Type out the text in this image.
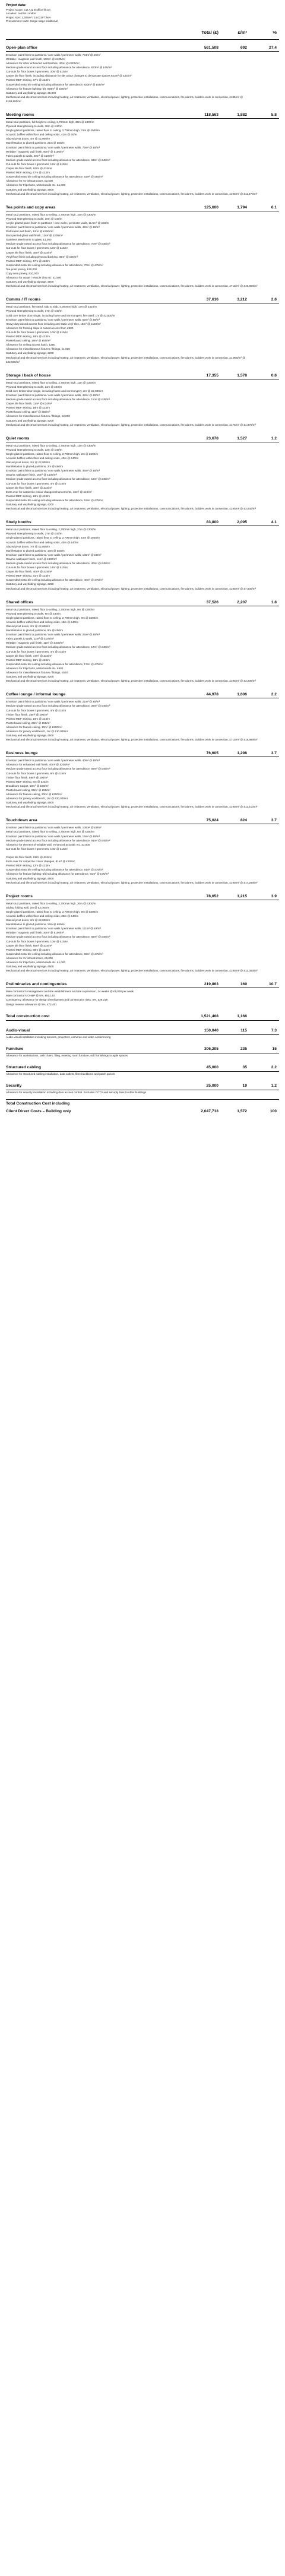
Project data:
Project scope: Cat A & B office fit out
Location: central London
Project size: 1,305m² / 14,023FT/NIA
Procurement route: Single stage traditional
Total (£)	£/m²	%
Open-plan office	561,508	692	27.4
Emulsion paint finish to partitions / core walls / perimeter walls, 704m²@ £9/m²
Writable / magnetic wall finish, 100m² @ £100/m²
Allowance for other enhanced wall finishes, 40m² @ £200/m²
Medium-grade sound access floor including allowance for attendance, 823m² @ £45/m²
Cut-outs for floor boxes / grommets, 30nr @ £15/nr
Carpet tile floor finish, including allowance for tile colour changes to demarcate spaces 823m² @ £24/m²
Painted MDF skirting, 37m @ £23/m
Suspended metal tile ceiling including allowance for attendance, 823m² @ £55/m²
Allowance for feature lighting raft, 658m² @ £50/m²
Statutory and wayfinding signage, £5,000
Mechanical and electrical services including heating, air treatment, ventilation, electrical power, lighting, protective installations, communications, fire alarms, builders work in connection, £185/m² @ £158,600/m²
Meeting rooms	118,563	1,882	5.8
Metal stud partitions, full height to ceiling, 2,700mm high, 38m @ £300/m
Plywood strengthening to walls, 38m @ £40/m
Single glazed partitions, raised floor to ceiling, 2,700mm high, 21m @ £500/m
Acoustic baffles within floor and ceiling voids, 41m @ 40/m
Glazed pivot doors, 4nr @ £2,000/nr
Manifestation to glazed partitions, 21m @ £50/m
Emulsion paint finish to partitions / core walls / perimeter walls, 76m² @ £9/m²
Writable / magnetic wall finish, 60m² @ £100/m²
Fabric panels to walls, 40m² @ £100/m²
Medium-grade raised access floor including allowance for attendance, 63m² @ £45/m²
Cut-outs for floor boxes / grommets, 12nr @ £15/nr
Carpet tile floor finish, 63m² @ £24/m²
Painted MDF skirting, 47m @ £23/m
Suspended metal tile ceiling including allowance for attendance, 63m² @ £55/m²
Allowance for AV infrastructure, £2,500
Allowance for Flipcharts, whiteboards etc. £1,000
Statutory and wayfinding signage, £500
Mechanical and electrical services including heating, air treatment, ventilation, electrical power, lighting, protective installations, communications, fire alarms, builders work in connection, £190/m² @ £11,970/m²
Tea points and copy areas	125,600	1,794	6.1
Metal stud partitions, raised floor to ceiling, 2,700mm high, 10m @ £300/m
Plywood strengthening to walls, 10m @ £40/m
Acrylic glazed panel finish to partitions / core walls / perimeter walls, 11.5m² @ £50/m
Emulsion paint finish to partitions / core walls / perimeter walls, 42m² @ £9/m²
Perforated wall finish, 12m² @ £250/m²
Backpainted glass wall finish, 12m² @ £300/m²
Stainless steel mirror to glass, £1,000
Medium-grade raised access floor including allowance for attendance, 70m² @ £45/m²
Cut-outs for floor boxes / grommets, 12nr @ £15/nr
Carpet tile floor finish, 35m² @ £24/m²
Vinyl floor finish including plywood backing, 35m² @ £60/m²
Painted MDF skirting, 47m @ £23/m
Suspended metal tile ceiling including allowance for attendance, 70m² @ £75/m²
Tea point joinery, £40,000
Copy area joinery, £10,000
Allowance for waste / recycle bins etc. £1,500
Statutory and wayfinding signage, £500
Mechanical and electrical services including heating, air treatment, ventilation, electrical power, lighting, protective installations, communications, fire alarms, builders work in connection, £710/m² @ £49,950/m²
Comms / IT rooms	37,616	3,212	2.8
Metal stud partitions, fire rated, slab to slab, 4,000mm high, 17m @ £410/m
Plywood strengthening to walls, 17m @ £40/m
Solid core timber door single, including frame and ironmongery, fire rated, 1nr @ £2,500/nr
Emulsion paint finish to partitions / core walls / perimeter walls, 52m² @ £9/m²
Heavy duty raised access floor including anti-static vinyl tiles, 18m² @ £150/m²
Allowance for forming slope in raised access floor, £500
Cut-outs for floor boxes / grommets, 10nr @ £15/nr
Painted MDF skirting, 18m @ £23/m
Plasterboard ceiling, 18m² @ £50/m²
Allowance for ceiling access hatch, £250
Allowance for miscellaneous fixtures / fittings, £1,000
Statutory and wayfinding signage, £200
Mechanical and electrical services including heating, air treatment, ventilation, electrical power, lighting, protective installations, communications, fire alarms, builders work in connection, £1,960/m² @ £22,500/m²
Storage / back of house	17,355	1,578	0.8
Metal stud partitions, raised floor to ceiling, 2,700mm high, 11m @ £300/m
Plywood strengthening to walls, 11m @ £40/m
Solid core timber door single, including frame and ironmongery, 2nr @ £2,000/nr
Emulsion paint finish to partitions / core walls / perimeter walls, 42m² @ £9/m²
Medium-grade raised access floor including allowance for attendance, 11m² @ £45/m²
Carpet tile floor finish, 11m² @ £24/m²
Painted MDF skirting, 18m @ £23/m
Plasterboard ceiling, 11m² @ £55/m²
Allowance for miscellaneous fixtures / fittings, £3,000
Statutory and wayfinding signage, £200
Mechanical and electrical services including heating, air treatment, ventilation, electrical power, lighting, protective installations, communications, fire alarms, builders work in connection, £170/m² @ £1,870/m²
Quiet rooms	23,678	1,527	1.2
Metal stud partitions, raised floor to ceiling, 2,700mm high, 13m @ £300/m
Plywood strengthening to walls, 13m @ £40/m
Single glazed partitions, raised floor to ceiling, 2,700mm high, 2m @ £500/m
Acoustic baffles within floor and ceiling voids, 40m @ £40/m
Glazed pivot doors, 2nr @ £2,000/nr
Manifestation to glazed partitions, 2m @ £50/m
Emulsion paint finish to partitions / core walls / perimeter walls, 44m² @ £9/m²
Graphic wallpaper finish, 15m² @ £100/m²
Medium-grade raised access floor including allowance for attendance, 16m² @ £45/m²
Cut-outs for floor boxes / grommets, 4nr @ £15/nr
Carpet tile floor finish, 16m² @ £24/m²
Extra over for carpet tile colour change/enhancements, 16m² @ £10/m²
Painted MDF skirting, 19m @ £23/m
Suspended metal tile ceiling including allowance for attendance, 16m² @ £75/m²
Statutory and wayfinding signage, £200
Mechanical and electrical services including heating, air treatment, ventilation, electrical power, lighting, protective installations, communications, fire alarms, builders work in connection, £190/m² @ £3,040/m²
Study booths	83,800	2,095	4.1
Metal stud partitions, raised floor to ceiling, 2,700mm high, 27m @ £300/m
Plywood strengthening to walls, 27m @ £40/m
Single glazed partitions, raised floor to ceiling, 2,700mm high, 16m @ £500/m
Acoustic baffles within floor and ceiling voids, 40m @ £40/m
Glazed pivot doors, 7nr @ £2,000/nr
Manifestation to glazed partitions, 16m @ £50/m
Emulsion paint finish to partitions / core walls / perimeter walls, 145m² @ £9/m²
Graphic wallpaper finish, 14m² @ £100/m²
Medium-grade raised access floor including allowance for attendance, 40m² @ £45/m²
Cut-outs for floor boxes / grommets, 14nr @ £15/nr
Carpet tile floor finish, 40m² @ £24/m²
Painted MDF skirting, 31m @ £23/m
Suspended metal tile ceiling including allowance for attendance, 40m² @ £75/m²
Statutory and wayfinding signage, £250
Mechanical and electrical services including heating, air treatment, ventilation, electrical power, lighting, protective installations, communications, fire alarms, builders work in connection, £190/m² @ £7,600/m²
Shared offices	37,526	2,207	1.8
Metal stud partitions, raised floor to ceiling, 2,700mm high, 9m @ £300/m
Plywood strengthening to walls, 9m @ £40/m
Single glazed partitions, raised floor to ceiling, 2,700mm high, 9m @ £500/m
Acoustic baffles within floor and ceiling voids, 18m @ £40/m
Glazed pivot doors, 2nr @ £2,000/nr
Manifestation to glazed partitions, 9m @ £50/m
Emulsion paint finish to partitions / core walls / perimeter walls, 25m² @ £9/m²
Fabric panels to walls, 11m² @ £100/m²
Writable / magnetic wall finish, 11m² @ £100/m²
Medium-grade raised access floor including allowance for attendance, 17m² @ £45/m²
Cut-outs for floor boxes / grommets, 4nr @ £15/nr
Carpet tile floor finish, 17m² @ £24/m²
Painted MDF skirting, 18m @ £23/m
Suspended metal tile ceiling including allowance for attendance, 17m² @ £75/m²
Allowance for Flipcharts, whiteboards etc. £500
Allowance for miscellaneous fixtures / fittings, £500
Statutory and wayfinding signage, £200
Mechanical and electrical services including heating, air treatment, ventilation, electrical power, lighting, protective installations, communications, fire alarms, builders work in connection, £190/m² @ £3,230/m²
Coffee lounge / informal lounge	44,978	1,606	2.2
Emulsion paint finish to partitions / core walls / perimeter walls, 21m² @ £9/m²
Medium-grade raised access floor including allowance for attendance, 28m² @ £45/m²
Cut-outs for floor boxes / grommets, 4nr @ £15/nr
Timber floor finish, 28m² @ £90/m²
Painted MDF skirting, 10m @ £23/m
Plasterboard ceiling, 28m² @ £55/m²
Allowance for feature ceiling, 10m² @ £200/m²
Allowance for joinery workbench, 1nr @ £10,000/nr
Statutory and wayfinding signage, £500
Mechanical and electrical services including heating, air treatment, ventilation, electrical power, lighting, protective installations, communications, fire alarms, builders work in connection, £710/m² @ £19,880/m²
Business lounge	76,605	1,298	3.7
Emulsion paint finish to partitions / core walls / perimeter walls, 40m² @ £9/m²
Allowance for enhanced wall finish, 40m² @ £200/m²
Medium-grade raised access floor including allowance for attendance, 59m² @ £45/m²
Cut-outs for floor boxes / grommets, 8nr @ £15/nr
Timber floor finish, 59m² @ £90/m²
Painted MDF skirting, 6m @ £23/m
Broadloom Carpet, 50m² @ £60/m²
Plasterboard ceiling, 59m² @ £55/m²
Allowance for feature ceiling, 20m² @ £200/m²
Allowance for joinery workbench, 1nr @ £20,000/nr
Statutory and wayfinding signage, £500
Mechanical and electrical services including heating, air treatment, ventilation, electrical power, lighting, protective installations, communications, fire alarms, builders work in connection, £190/m² @ £11,210/m²
Touchdown area	75,024	824	3.7
Emulsion paint finish to partitions / core walls / perimeter walls, 100m² @ £9/m²
Metal stud partitions, raised floor to ceiling, 2,700mm high, 6m @ £300/m
Emulsion paint finish to partitions / core walls / perimeter walls, 15m² @ £9/m²
Medium-grade raised access floor including allowance for attendance, 91m² @ £45/m²
Allowance for element of writable wall, enhanced acoustic etc. £2,500
Cut-outs for floor boxes / grommets, 10nr @ £15/nr

Carpet tile floor finish, 91m² @ £24/m²
Extra over for carpet tile colour changes, 91m² @ £10/m²
Painted MDF skirting, 12m @ £23/m
Suspended metal tile ceiling including allowance for attendance, 91m² @ £75/m²
Allowance for feature lighting raft including allowance for attendance, 91m² @ £75/m²
Statutory and wayfinding signage, £500
Mechanical and electrical services including heating, air treatment, ventilation, electrical power, lighting, protective installations, communications, fire alarms, builders work in connection, £190/m² @ £17,290/m²
Project rooms	78,652	1,215	3.9
Metal stud partitions, raised floor to ceiling, 2,700mm high, 30m @ £300/m
Sliding folding wall, 2m @ £2,000/m
Single glazed partitions, raised floor to ceiling, 2,700mm high, 9m @ £500/m
Acoustic baffles within floor and ceiling voids, 39m @ £40/m
Glazed pivot doors, 2nr @ £2,000/nr
Manifestation to glazed partitions, 14m @ £50/m
Emulsion paint finish to partitions / core walls / perimeter walls, 111m² @ £9/m²
Writable / magnetic wall finish, 30m² @ £100/m²
Medium-grade raised access floor including allowance for attendance, 65m² @ £45/m²
Cut-outs for floor boxes / grommets, 10nr @ £15/nr
Carpet tile floor finish, 65m² @ £24/m²
Painted MDF skirting, 68m @ £23/m
Suspended metal tile ceiling including allowance for attendance, 65m² @ £75/m²
Allowance for AV infrastructure, £5,000
Allowance for Flipcharts, whiteboards etc. £1,000
Statutory and wayfinding signage, £500
Mechanical and electrical services including heating, air treatment, ventilation, electrical power, lighting, protective installations, communications, fire alarms, builders work in connection, £190/m² @ £12,350/m²
Preliminaries and contingencies	219,863	169	10.7
Main contractor's management and site establishment and site supervision, 14 weeks @ £9,000 per week
Main contractor's OH&P @ 5%, £61,140
Contingency, allowance for design development and construction risks, 5%, £29,218
Design reserve allowance @ 5%, £72,451
Total construction cost	1,521,468	1,166
Audio-visual	150,040	115	7.3
Audio-visual installation including screens, projectors, cameras and video conferencing
Furniture	306,205	235	15
Allowance for workstations, task chairs, filing, meeting room furniture, soft furnishings to agile spaces
Structured cabling	45,000	35	2.2
Allowance for structured cabling installation, data outlets, fibre backbone and patch panels
Security	25,000	19	1.2
Allowance for security installation including door access control. Excludes CCTV and security links to other buildings
Total Construction Cost including
Client Direct Costs – Building only	2,047,713	1,572	100
